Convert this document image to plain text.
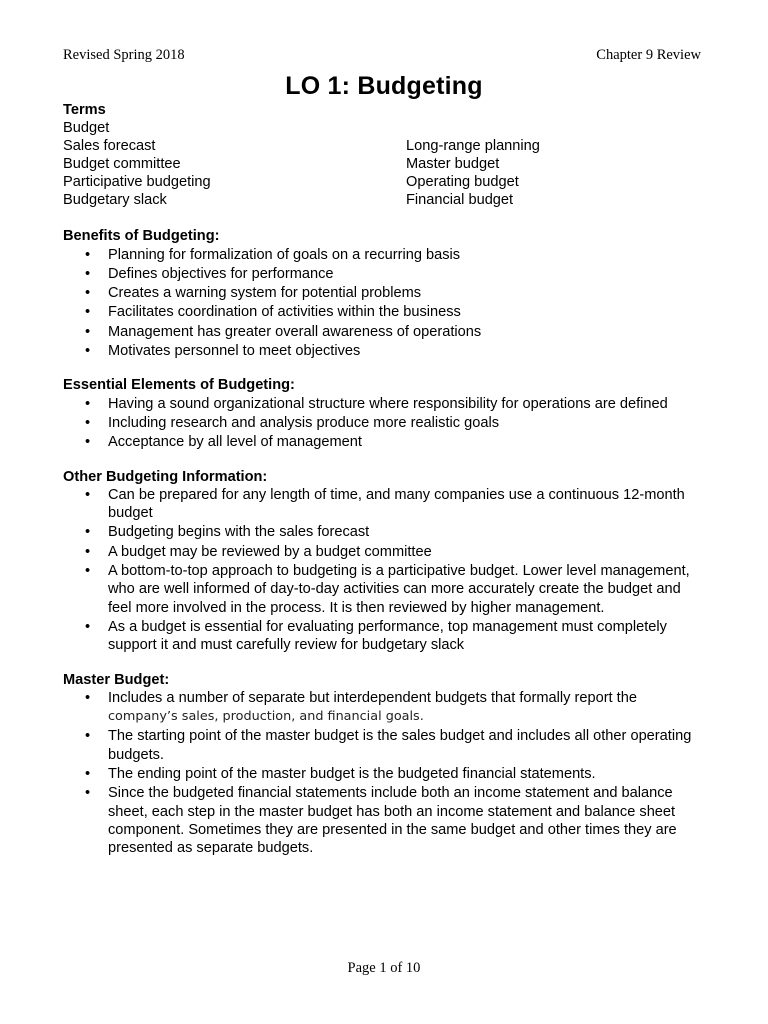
Revised Spring 2018	Chapter 9 Review
LO 1: Budgeting

Terms

Budget
Sales forecast
Budget committee
Participative budgeting
Budgetary slack
Long-range planning
Master budget
Operating budget
Financial budget

Benefits of Budgeting:

• Planning for formalization of goals on a recurring basis
• Defines objectives for performance
• Creates a warning system for potential problems
• Facilitates coordination of activities within the business
• Management has greater overall awareness of operations
• Motivates personnel to meet objectives

Essential Elements of Budgeting:

• Having a sound organizational structure where responsibility for operations are defined
• Including research and analysis produce more realistic goals
• Acceptance by all level of management

Other Budgeting Information:

• Can be prepared for any length of time, and many companies use a continuous 12-month budget
• Budgeting begins with the sales forecast
• A budget may be reviewed by a budget committee
• A bottom-to-top approach to budgeting is a participative budget. Lower level management, who are well informed of day-to-day activities can more accurately create the budget and feel more involved in the process. It is then reviewed by higher management.
• As a budget is essential for evaluating performance, top management must completely support it and must carefully review for budgetary slack

Master Budget:

• Includes a number of separate but interdependent budgets that formally report the
company’s sales, production, and financial goals.
• The starting point of the master budget is the sales budget and includes all other operating budgets.
• The ending point of the master budget is the budgeted financial statements.
• Since the budgeted financial statements include both an income statement and balance sheet, each step in the master budget has both an income statement and balance sheet component. Sometimes they are presented in the same budget and other times they are presented as separate budgets.
Page 1 of 10
